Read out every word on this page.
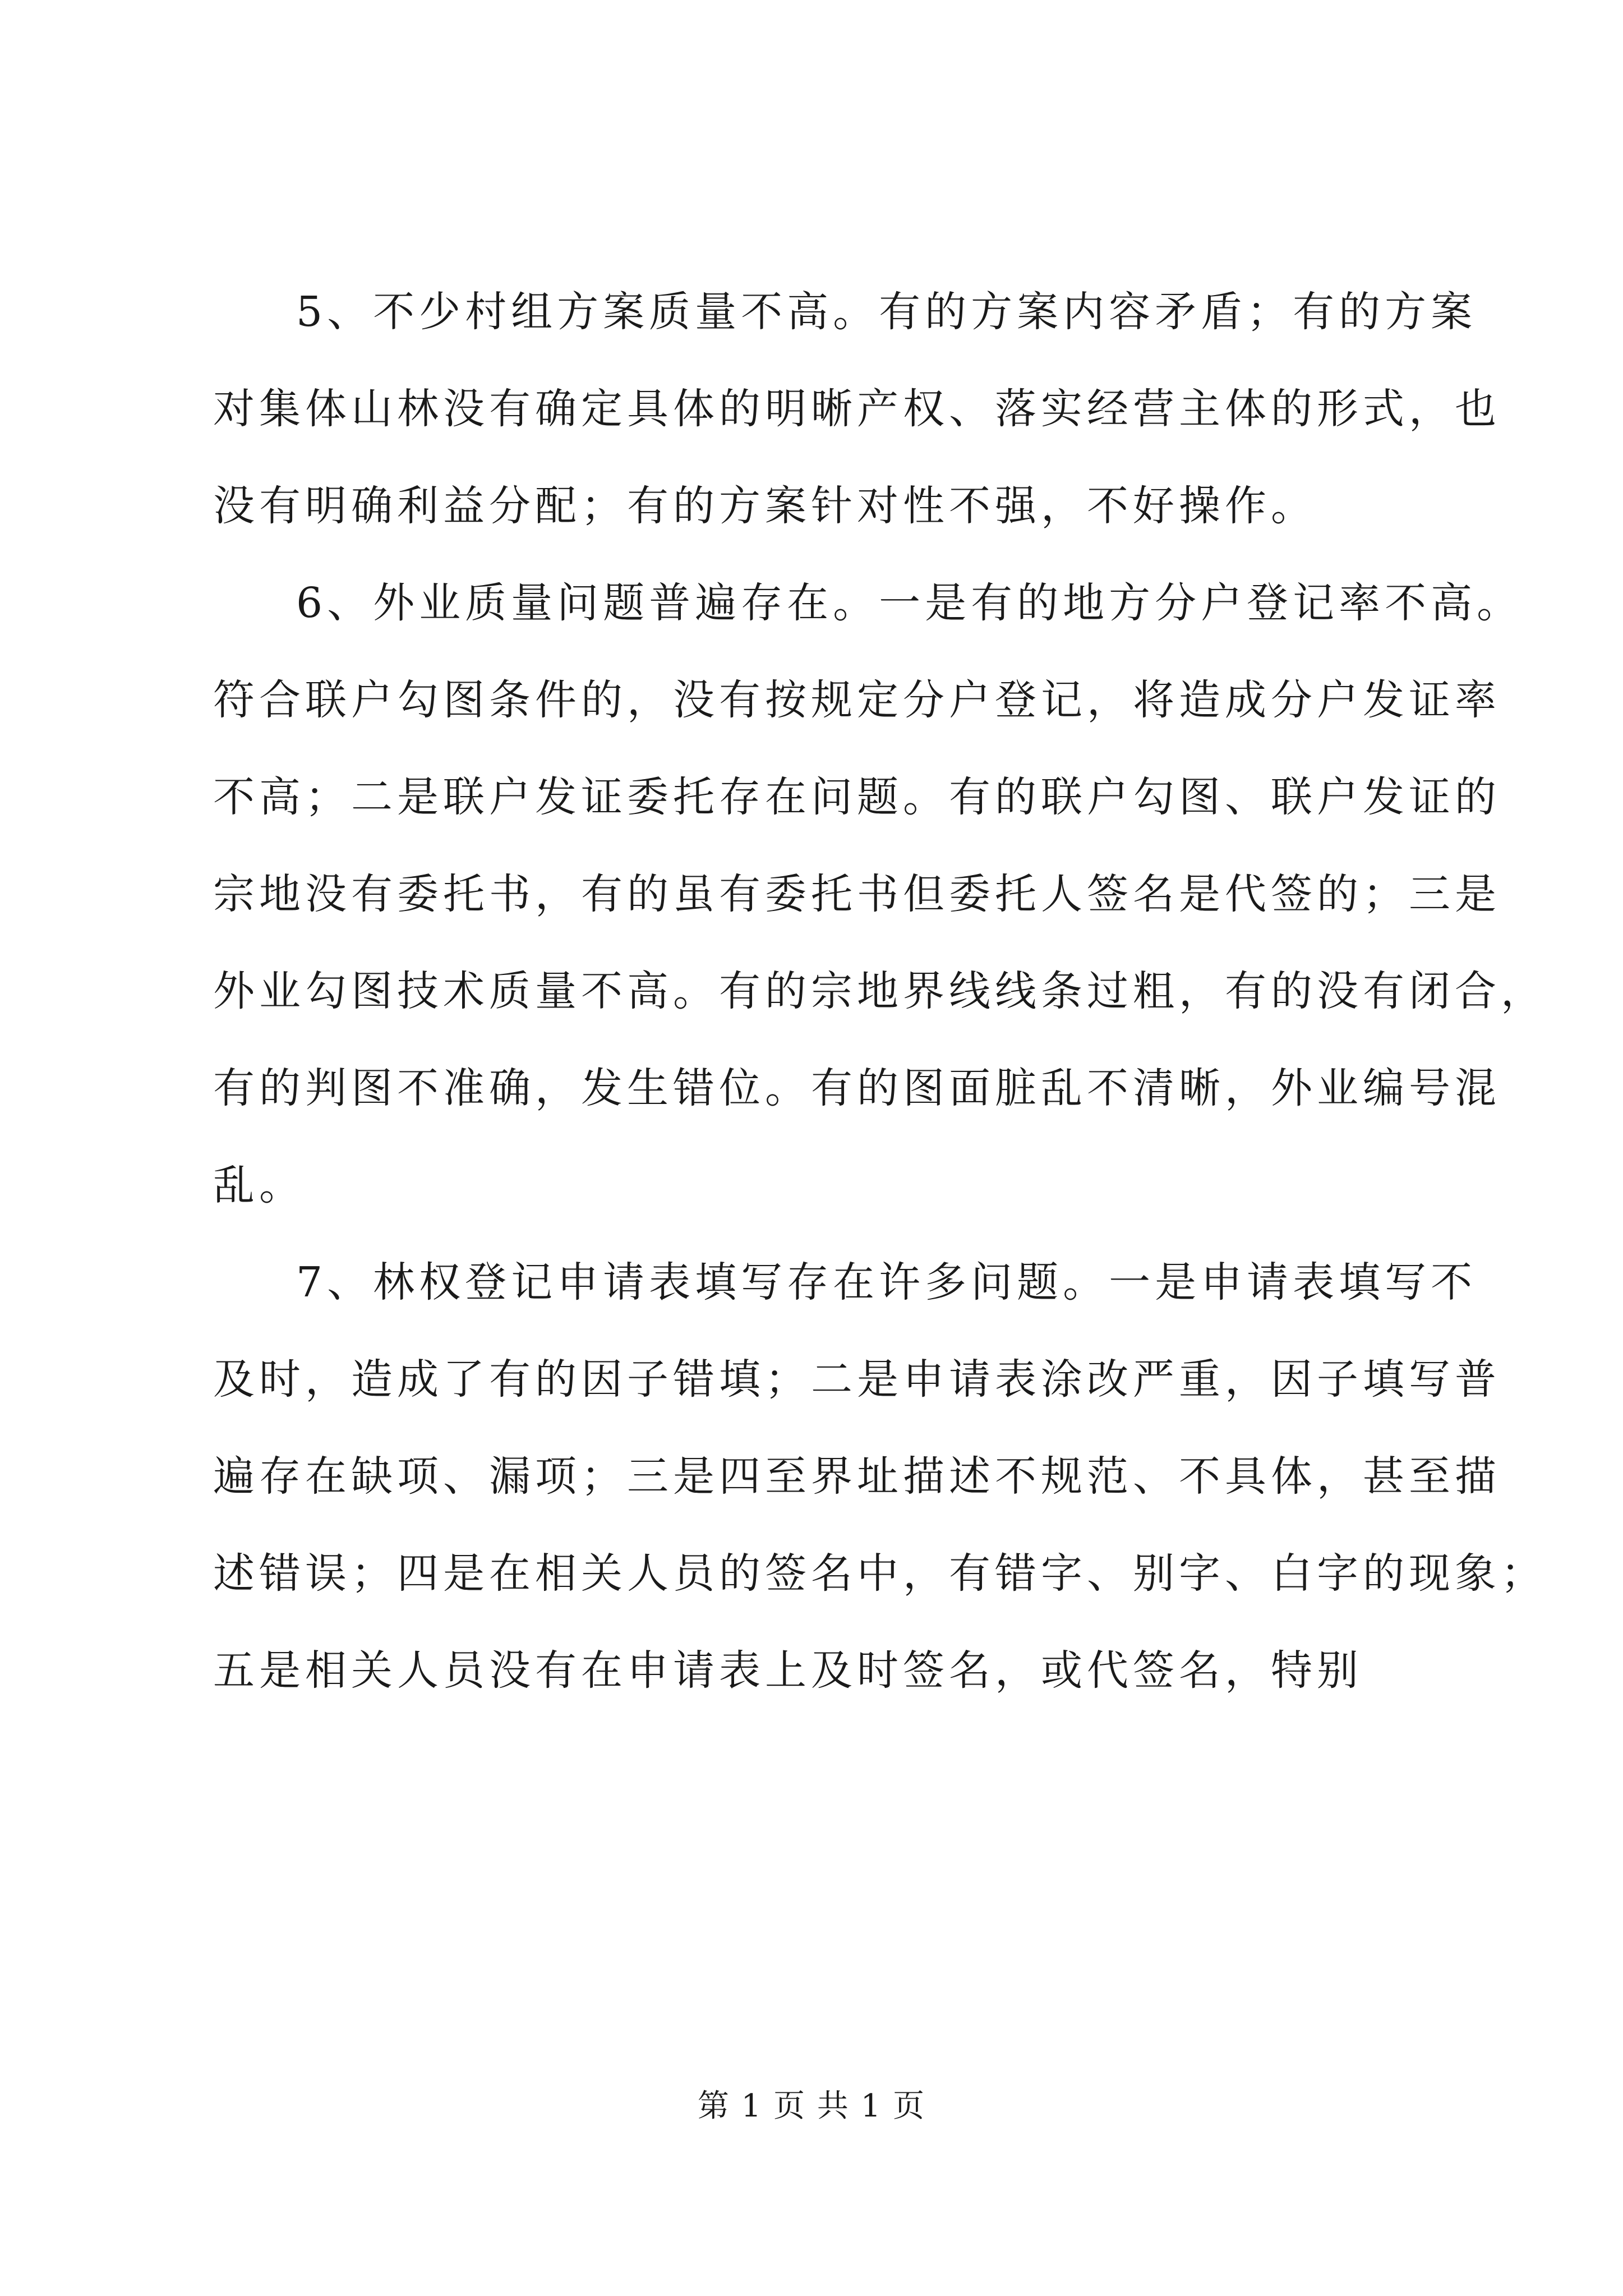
5、不少村组方案质量不高。有的方案内容矛盾；有的方案
对集体山林没有确定具体的明晰产权、落实经营主体的形式，也
没有明确利益分配；有的方案针对性不强，不好操作。
6、外业质量问题普遍存在。一是有的地方分户登记率不高。
符合联户勾图条件的，没有按规定分户登记，将造成分户发证率
不高；二是联户发证委托存在问题。有的联户勾图、联户发证的
宗地没有委托书，有的虽有委托书但委托人签名是代签的；三是
外业勾图技术质量不高。有的宗地界线线条过粗，有的没有闭合，
有的判图不准确，发生错位。有的图面脏乱不清晰，外业编号混
乱。
7、林权登记申请表填写存在许多问题。一是申请表填写不
及时，造成了有的因子错填；二是申请表涂改严重，因子填写普
遍存在缺项、漏项；三是四至界址描述不规范、不具体，甚至描
述错误；四是在相关人员的签名中，有错字、别字、白字的现象；
五是相关人员没有在申请表上及时签名，或代签名，特别
第 1 页 共 1 页
